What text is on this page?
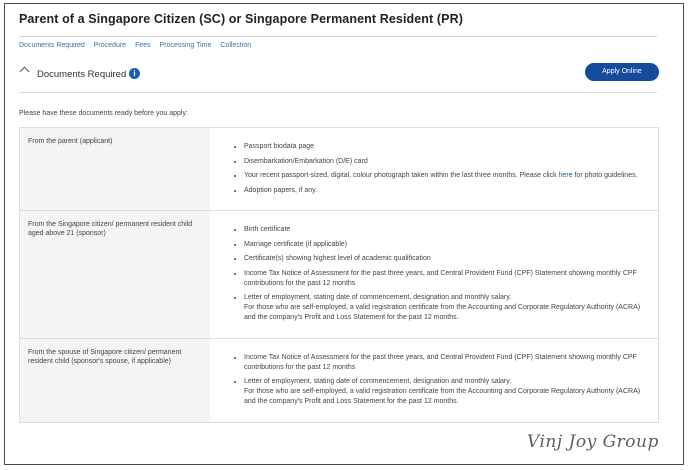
Parent of a Singapore Citizen (SC) or Singapore Permanent Resident (PR)
Documents Required Procedure Fees Processing Time Collection
Documents Required i	Apply Online
Please have these documents ready before you apply:
From the parent (applicant)
• Passport biodata page
• Disembarkation/Embarkation (D/E) card
• Your recent passport-sized, digital, colour photograph taken within the last three months. Please click here for photo guidelines.
• Adoption papers, if any.
From the Singapore citizen/ permanent resident child aged above 21 (sponsor)
• Birth certificate
• Marriage certificate (if applicable)
• Certificate(s) showing highest level of academic qualification
• Income Tax Notice of Assessment for the past three years, and Central Provident Fund (CPF) Statement showing monthly CPF contributions for the past 12 months
• Letter of employment, stating date of commencement, designation and monthly salary.
For those who are self-employed, a valid registration certificate from the Accounting and Corporate Regulatory Authority (ACRA) and the company's Profit and Loss Statement for the past 12 months.
From the spouse of Singapore citizen/ permanent resident child (sponsor's spouse, if applicable)
• Income Tax Notice of Assessment for the past three years, and Central Provident Fund (CPF) Statement showing monthly CPF contributions for the past 12 months
• Letter of employment, stating date of commencement, designation and monthly salary.
For those who are self-employed, a valid registration certificate from the Accounting and Corporate Regulatory Authority (ACRA) and the company's Profit and Loss Statement for the past 12 months.
Vinj Joy Group
